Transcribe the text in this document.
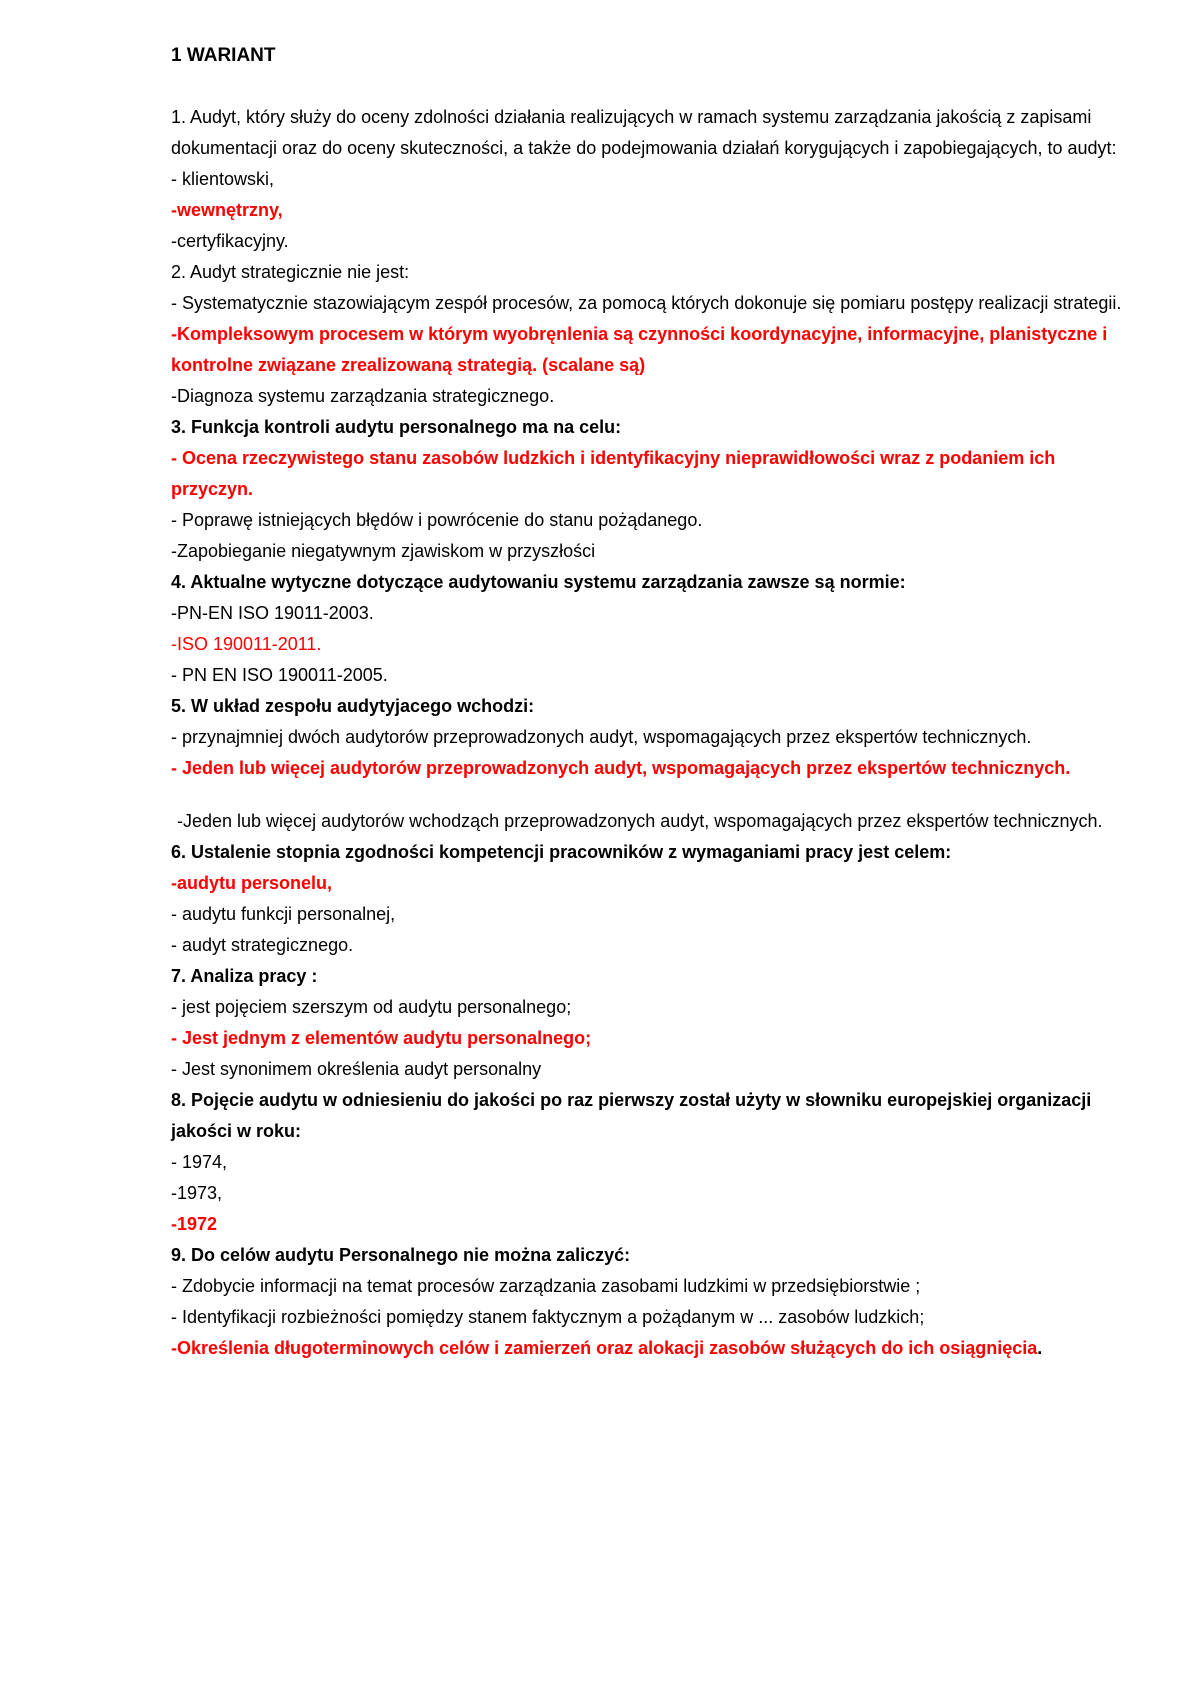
1 WARIANT

1. Audyt, który służy do oceny zdolności działania realizujących w ramach systemu zarządzania jakością z zapisami dokumentacji oraz do oceny skuteczności, a także do podejmowania działań korygujących i zapobiegających, to audyt:

- klientowski,

-wewnętrzny,

-certyfikacyjny.

2. Audyt strategicznie nie jest:

- Systematycznie stazowiającym zespół procesów, za pomocą których dokonuje się pomiaru postępy realizacji strategii.

-Kompleksowym procesem w którym wyobręnlenia są czynności koordynacyjne, informacyjne, planistyczne i kontrolne związane zrealizowaną strategią. (scalane są)

-Diagnoza systemu zarządzania strategicznego.

3. Funkcja kontroli audytu personalnego ma na celu:

- Ocena rzeczywistego stanu zasobów ludzkich i identyfikacyjny nieprawidłowości wraz z podaniem ich przyczyn.

- Poprawę istniejących błędów i powrócenie do stanu pożądanego.

-Zapobieganie niegatywnym zjawiskom w przyszłości

4. Aktualne wytyczne dotyczące audytowaniu systemu zarządzania zawsze są normie:

-PN-EN ISO 19011-2003.

-ISO 190011-2011.

- PN EN ISO 190011-2005.

5. W układ zespołu audytyjacego wchodzi:

- przynajmniej dwóch audytorów przeprowadzonych audyt, wspomagających przez ekspertów technicznych.

- Jeden lub więcej audytorów przeprowadzonych audyt, wspomagających przez ekspertów technicznych.

-Jeden lub więcej audytorów wchodząch przeprowadzonych audyt, wspomagających przez ekspertów technicznych.

6. Ustalenie stopnia zgodności kompetencji pracowników z wymaganiami pracy jest celem:

-audytu personelu,

- audytu funkcji personalnej,

- audyt strategicznego.

7. Analiza pracy :

- jest pojęciem szerszym od audytu personalnego;

- Jest jednym z elementów audytu personalnego;

- Jest synonimem określenia audyt personalny

8. Pojęcie audytu w odniesieniu do jakości po raz pierwszy został użyty w słowniku europejskiej organizacji jakości w roku:

- 1974,

-1973,

-1972

9. Do celów audytu Personalnego nie można zaliczyć:

- Zdobycie informacji na temat procesów zarządzania zasobami ludzkimi w przedsiębiorstwie ;

- Identyfikacji rozbieżności pomiędzy stanem faktycznym a pożądanym w ... zasobów ludzkich;

-Określenia długoterminowych celów i zamierzeń oraz alokacji zasobów służących do ich osiągnięcia.
